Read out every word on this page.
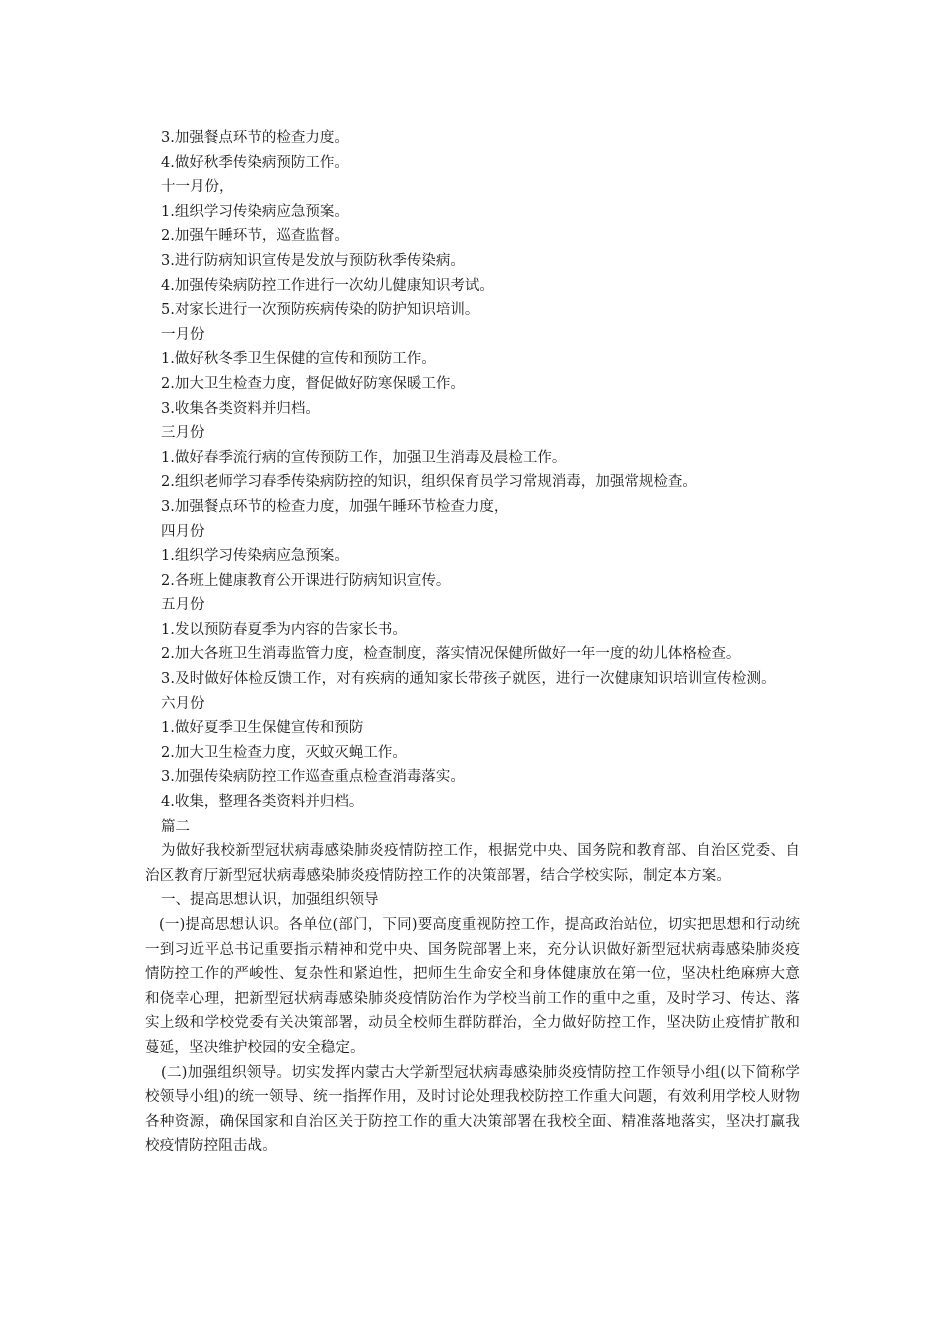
3.加强餐点环节的检查力度。
4.做好秋季传染病预防工作。
十一月份，
1.组织学习传染病应急预案。
2.加强午睡环节，巡查监督。
3.进行防病知识宣传是发放与预防秋季传染病。
4.加强传染病防控工作进行一次幼儿健康知识考试。
5.对家长进行一次预防疾病传染的防护知识培训。
一月份
1.做好秋冬季卫生保健的宣传和预防工作。
2.加大卫生检查力度，督促做好防寒保暖工作。
3.收集各类资料并归档。
三月份
1.做好春季流行病的宣传预防工作，加强卫生消毒及晨检工作。
2.组织老师学习春季传染病防控的知识，组织保育员学习常规消毒，加强常规检查。
3.加强餐点环节的检查力度，加强午睡环节检查力度，
四月份
1.组织学习传染病应急预案。
2.各班上健康教育公开课进行防病知识宣传。
五月份
1.发以预防春夏季为内容的告家长书。
2.加大各班卫生消毒监管力度，检查制度，落实情况保健所做好一年一度的幼儿体格检查。

3.及时做好体检反馈工作，对有疾病的通知家长带孩子就医，进行一次健康知识培训宣传检测。

六月份
1.做好夏季卫生保健宣传和预防
2.加大卫生检查力度，灭蚊灭蝇工作。
3.加强传染病防控工作巡查重点检查消毒落实。
4.收集，整理各类资料并归档。
篇二

为做好我校新型冠状病毒感染肺炎疫情防控工作，根据党中央、国务院和教育部、自治区党委、自治区教育厅新型冠状病毒感染肺炎疫情防控工作的决策部署，结合学校实际，制定本方案。

一、提高思想认识，加强组织领导

(一)提高思想认识。各单位(部门，下同)要高度重视防控工作，提高政治站位，切实把思想和行动统一到习近平总书记重要指示精神和党中央、国务院部署上来，充分认识做好新型冠状病毒感染肺炎疫情防控工作的严峻性、复杂性和紧迫性，把师生生命安全和身体健康放在第一位，坚决杜绝麻痹大意和侥幸心理，把新型冠状病毒感染肺炎疫情防治作为学校当前工作的重中之重，及时学习、传达、落实上级和学校党委有关决策部署，动员全校师生群防群治，全力做好防控工作，坚决防止疫情扩散和蔓延，坚决维护校园的安全稳定。

(二)加强组织领导。切实发挥内蒙古大学新型冠状病毒感染肺炎疫情防控工作领导小组(以下简称学校领导小组)的统一领导、统一指挥作用，及时讨论处理我校防控工作重大问题，有效利用学校人财物各种资源，确保国家和自治区关于防控工作的重大决策部署在我校全面、精准落地落实，坚决打赢我校疫情防控阻击战。
